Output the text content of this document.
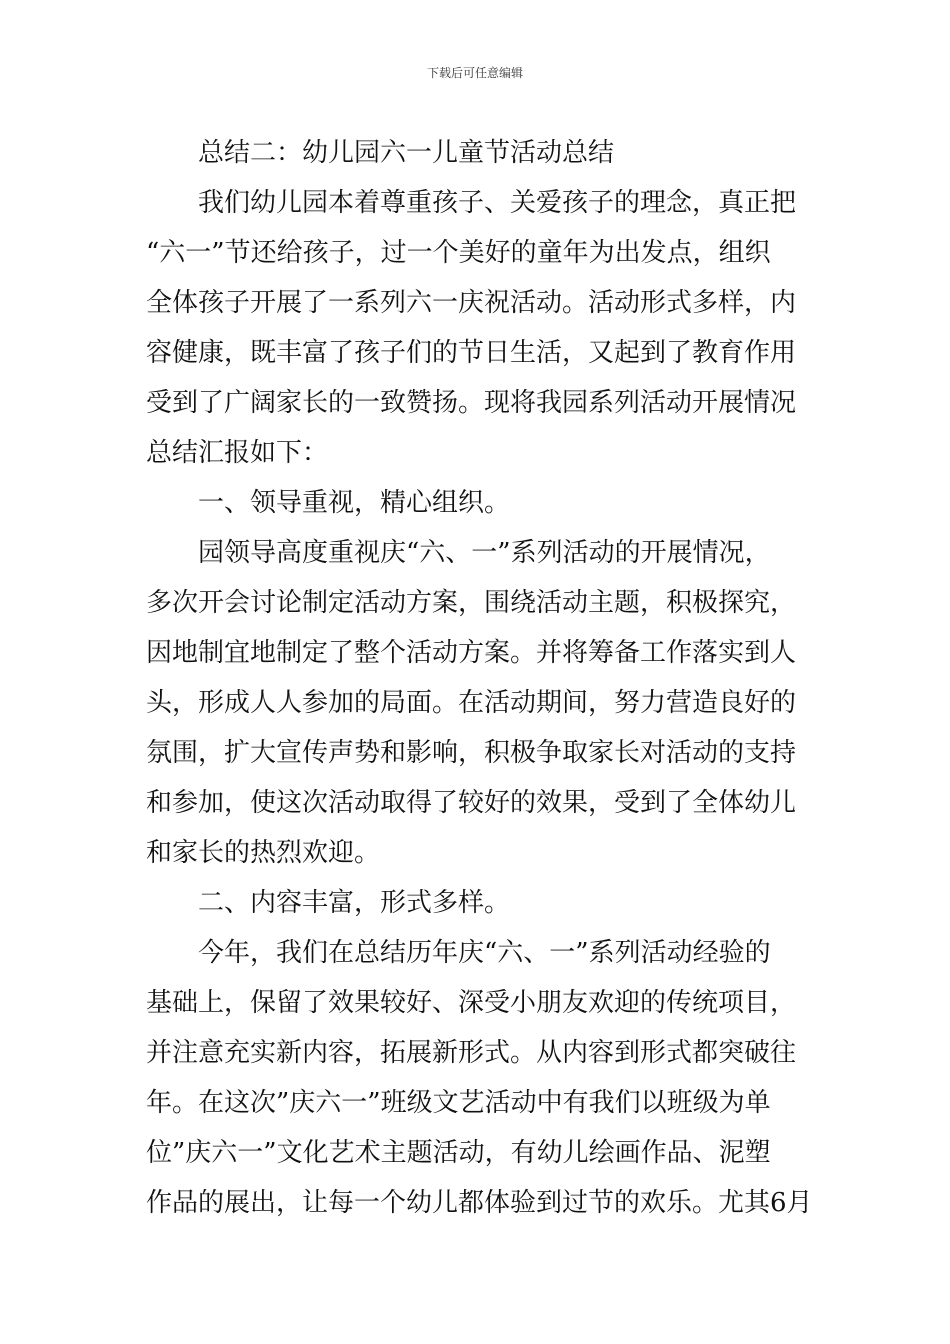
下载后可任意编辑
总结二：幼儿园六一儿童节活动总结
我们幼儿园本着尊重孩子、关爱孩子的理念，真正把
“六一”节还给孩子，过一个美好的童年为出发点，组织
全体孩子开展了一系列六一庆祝活动。活动形式多样，内
容健康，既丰富了孩子们的节日生活，又起到了教育作用
受到了广阔家长的一致赞扬。现将我园系列活动开展情况
总结汇报如下：
一、领导重视，精心组织。
园领导高度重视庆“六、一”系列活动的开展情况，
多次开会讨论制定活动方案，围绕活动主题，积极探究，
因地制宜地制定了整个活动方案。并将筹备工作落实到人
头，形成人人参加的局面。在活动期间，努力营造良好的
氛围，扩大宣传声势和影响，积极争取家长对活动的支持
和参加，使这次活动取得了较好的效果，受到了全体幼儿
和家长的热烈欢迎。
二、内容丰富，形式多样。
今年，我们在总结历年庆“六、一”系列活动经验的
基础上，保留了效果较好、深受小朋友欢迎的传统项目，
并注意充实新内容，拓展新形式。从内容到形式都突破往
年。在这次”庆六一”班级文艺活动中有我们以班级为单
位”庆六一”文化艺术主题活动，有幼儿绘画作品、泥塑
作品的展出，让每一个幼儿都体验到过节的欢乐。尤其6月
